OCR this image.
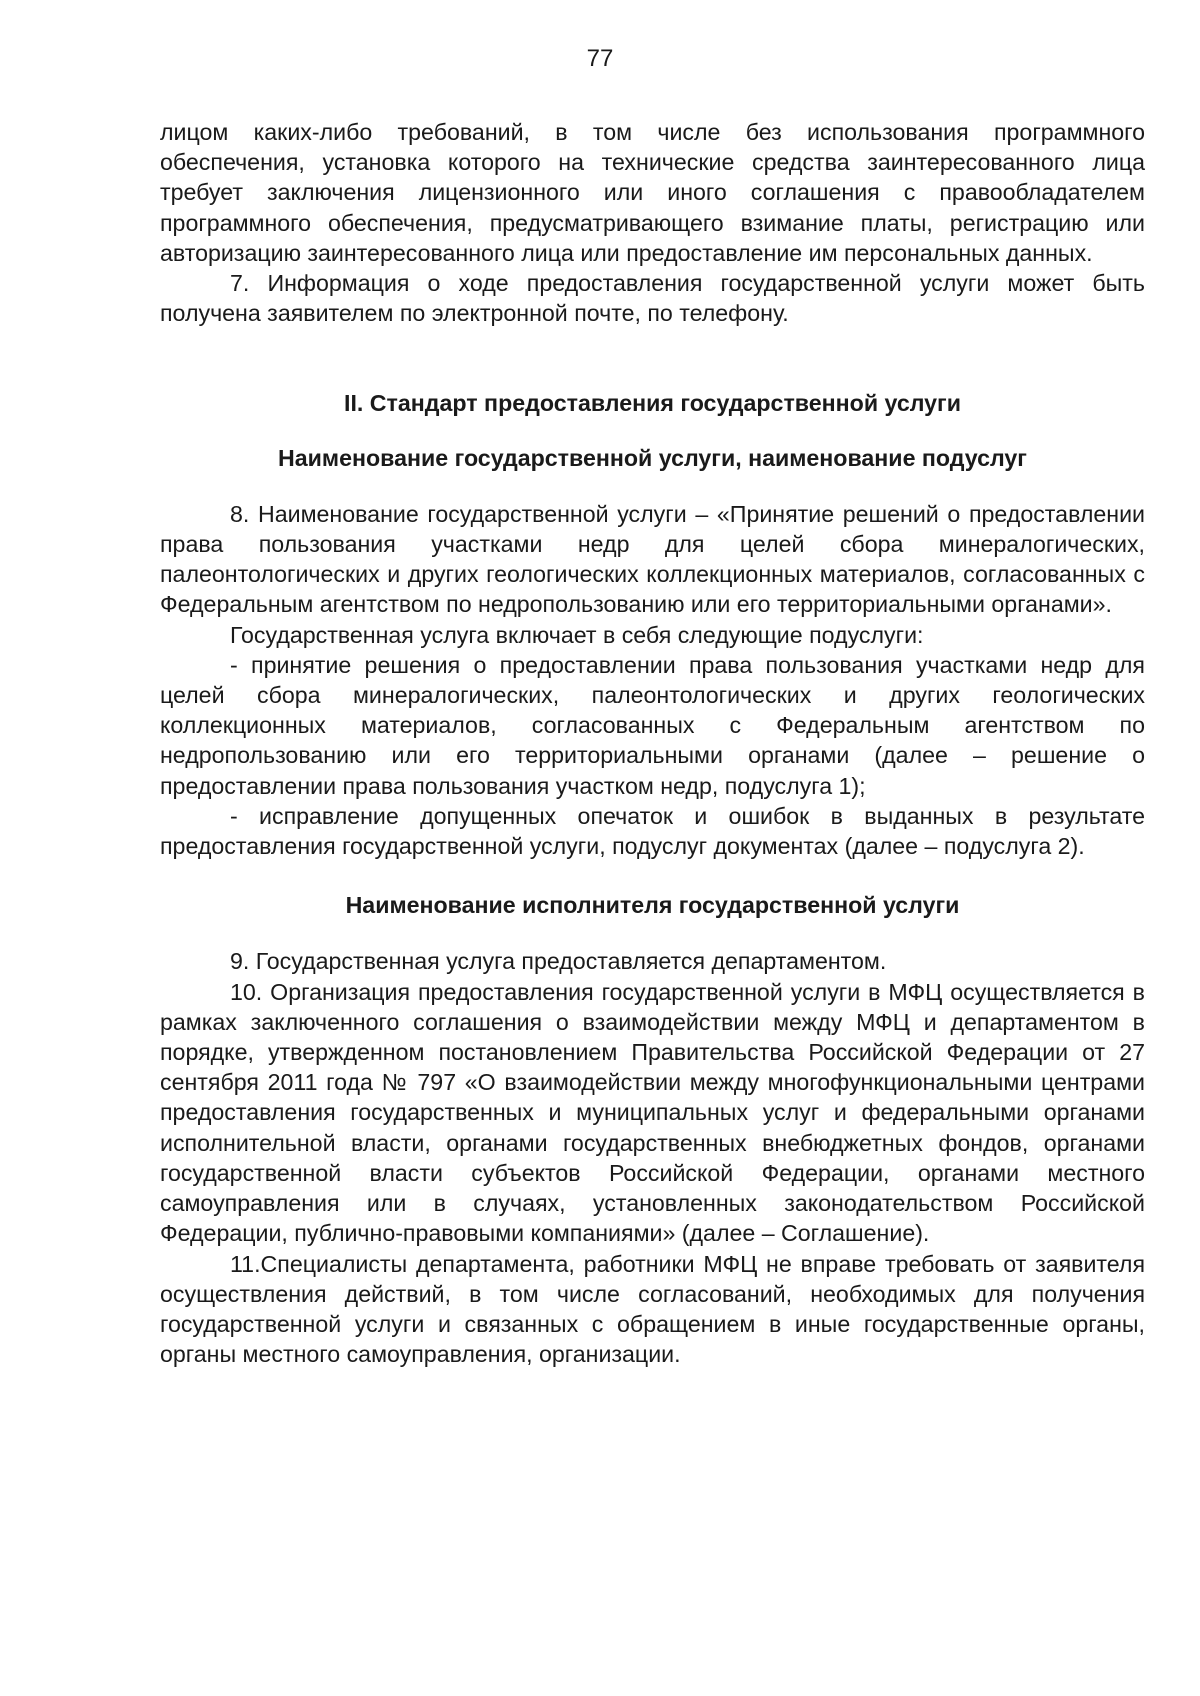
77

лицом каких-либо требований, в том числе без использования программного обеспечения, установка которого на технические средства заинтересованного лица требует заключения лицензионного или иного соглашения с правообладателем программного обеспечения, предусматривающего взимание платы, регистрацию или авторизацию заинтересованного лица или предоставление им персональных данных.

7. Информация о ходе предоставления государственной услуги может быть получена заявителем по электронной почте, по телефону.

II. Стандарт предоставления государственной услуги
Наименование государственной услуги, наименование подуслуг

8. Наименование государственной услуги – «Принятие решений о предоставлении права пользования участками недр для целей сбора минералогических, палеонтологических и других геологических коллекционных материалов, согласованных с Федеральным агентством по недропользованию или его территориальными органами».

Государственная услуга включает в себя следующие подуслуги:

- принятие решения о предоставлении права пользования участками недр для целей сбора минералогических, палеонтологических и других геологических коллекционных материалов, согласованных с Федеральным агентством по недропользованию или его территориальными органами (далее – решение о предоставлении права пользования участком недр, подуслуга 1);

- исправление допущенных опечаток и ошибок в выданных в результате предоставления государственной услуги, подуслуг документах (далее – подуслуга 2).

Наименование исполнителя государственной услуги

9. Государственная услуга предоставляется департаментом.

10. Организация предоставления государственной услуги в МФЦ осуществляется в рамках заключенного соглашения о взаимодействии между МФЦ и департаментом в порядке, утвержденном постановлением Правительства Российской Федерации от 27 сентября 2011 года № 797 «О взаимодействии между многофункциональными центрами предоставления государственных и муниципальных услуг и федеральными органами исполнительной власти, органами государственных внебюджетных фондов, органами государственной власти субъектов Российской Федерации, органами местного самоуправления или в случаях, установленных законодательством Российской Федерации, публично-правовыми компаниями» (далее – Соглашение).

11.Специалисты департамента, работники МФЦ не вправе требовать от заявителя осуществления действий, в том числе согласований, необходимых для получения государственной услуги и связанных с обращением в иные государственные органы, органы местного самоуправления, организации.
